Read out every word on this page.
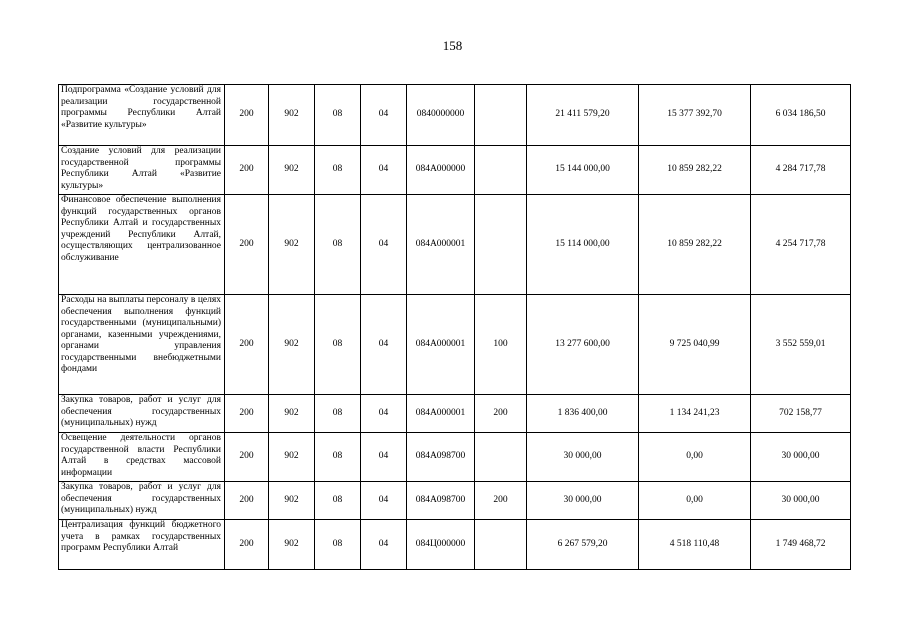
158
Подпрограмма «Создание условий для реализации государственной программы Республики Алтай «Развитие культуры»	200	902	08	04	0840000000		21 411 579,20	15 377 392,70	6 034 186,50
Создание условий для реализации государственной программы Республики Алтай «Развитие культуры»	200	902	08	04	084А000000		15 144 000,00	10 859 282,22	4 284 717,78
Финансовое обеспечение выполнения функций государственных органов Республики Алтай и государственных учреждений Республики Алтай, осуществляющих централизованное обслуживание	200	902	08	04	084А000001		15 114 000,00	10 859 282,22	4 254 717,78
Расходы на выплаты персоналу в целях обеспечения выполнения функций государственными (муниципальными) органами, казенными учреждениями, органами управления государственными внебюджетными фондами	200	902	08	04	084А000001	100	13 277 600,00	9 725 040,99	3 552 559,01
Закупка товаров, работ и услуг для обеспечения государственных (муниципальных) нужд	200	902	08	04	084А000001	200	1 836 400,00	1 134 241,23	702 158,77
Освещение деятельности органов государственной власти Республики Алтай в средствах массовой информации	200	902	08	04	084А098700		30 000,00	0,00	30 000,00
Закупка товаров, работ и услуг для обеспечения государственных (муниципальных) нужд	200	902	08	04	084А098700	200	30 000,00	0,00	30 000,00
Централизация функций бюджетного учета в рамках государственных программ Республики Алтай	200	902	08	04	084Ц000000		6 267 579,20	4 518 110,48	1 749 468,72
